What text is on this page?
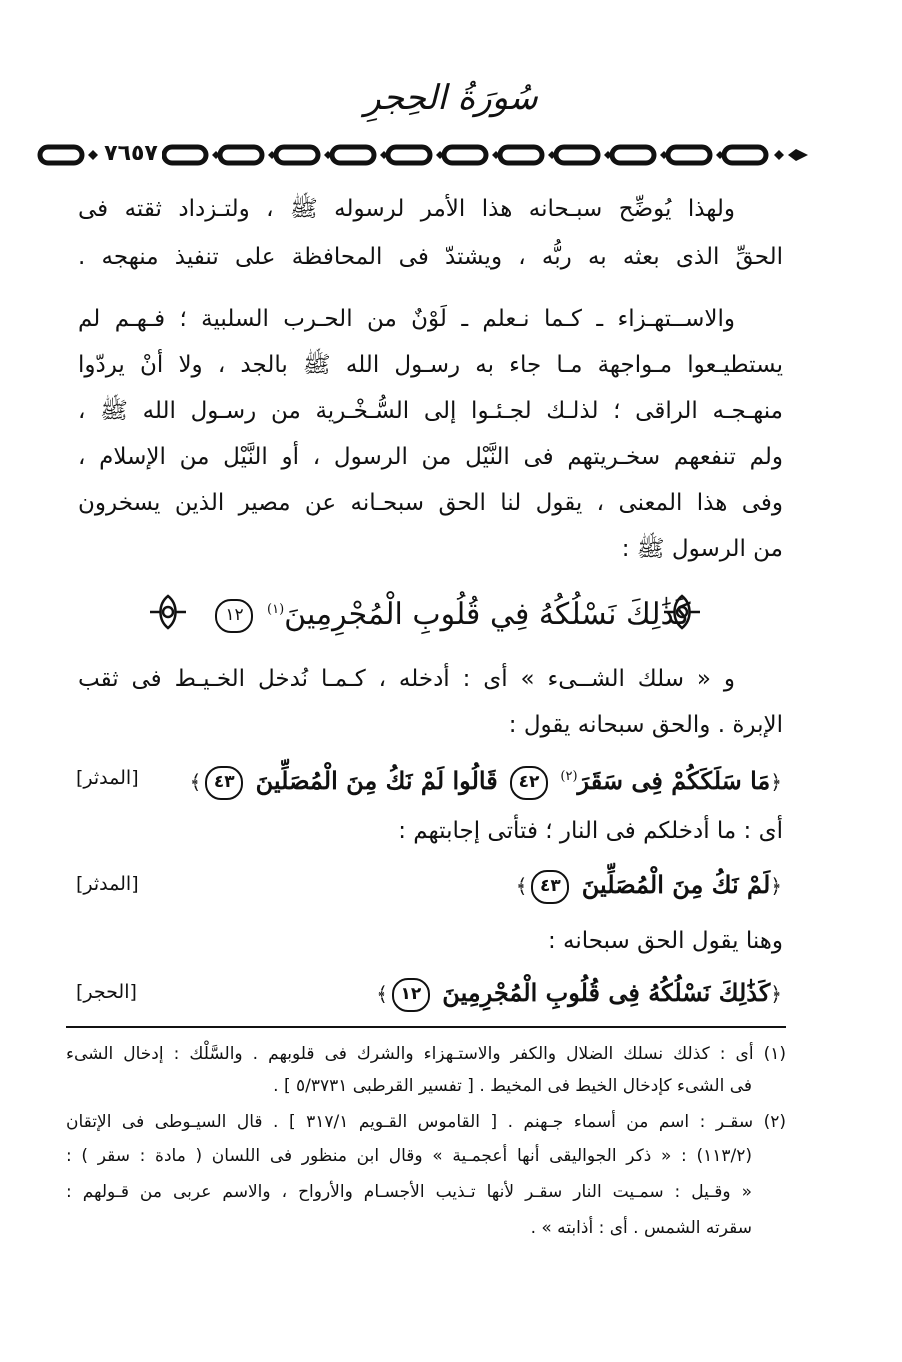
سُورَةُ الحِجرِ
٧٦٥٧
ولهذا يُوضِّح سبـحانه هذا الأمر لرسوله ﷺ ، ولتـزداد ثقته فى
الحقِّ الذى بعثه به ربُّه ، ويشتدّ فى المحافظة على تنفيذ منهجه .
والاســتهـزاء ـ كـما نـعلم ـ لَوْنٌ من الحـرب السلبية ؛ فـهـم لم
يستطيـعوا مـواجهة مـا جاء به رسـول الله ﷺ بالجد ، ولا أنْ يردّوا
منهـجـه الراقى ؛ لذلـك لجـئـوا إلى السُّـخْـرية من رسـول الله ﷺ ،
ولم تنفعهم سخـريتهم فى النَّيْل من الرسول ، أو النَّيْل من الإسلام ،
وفى هذا المعنى ، يقول لنا الحق سبحـانه عن مصير الذين يسخرون
من الرسول ﷺ :
كَذَٰلِكَ نَسْلُكُهُ فِي قُلُوبِ الْمُجْرِمِينَ$^{(١)}$ ١٢
و « سلك الشــىء » أى : أدخله ، كـمـا نُدخل الخـيـط فى ثقب
الإبرة . والحق سبحانه يقول :
﴿مَا سَلَكَكُمْ فِى سَقَرَ$^{(٢)}$ ٤٢ قَالُوا لَمْ نَكُ مِنَ الْمُصَلِّينَ ٤٣﴾
[المدثر]
أى : ما أدخلكم فى النار ؛ فتأتى إجابتهم :
﴿لَمْ نَكُ مِنَ الْمُصَلِّينَ ٤٣﴾
[المدثر]
وهنا يقول الحق سبحانه :
﴿كَذَٰلِكَ نَسْلُكُهُ فِى قُلُوبِ الْمُجْرِمِينَ ١٢﴾
[الحجر]
(١) أى : كذلك نسلك الضلال والكفر والاستـهزاء والشرك فى قلوبهم . والسَّلْك : إدخال الشىء
فى الشىء كإدخال الخيط فى المخيط . [ تفسير القرطبى ٥/٣٧٣١ ] .
(٢) سقـر : اسم من أسماء جـهنم . [ القاموس القـويم ٣١٧/١ ] . قال السيـوطى فى الإتقان
(١١٣/٢) : « ذكر الجواليقى أنها أعجمـية » وقال ابن منظور فى اللسان ( مادة : سقر ) :
« وقـيل : سمـيت النار سقـر لأنها تـذيب الأجسـام والأرواح ، والاسم عربى من قـولهم :
سقرته الشمس . أى : أذابته » .
